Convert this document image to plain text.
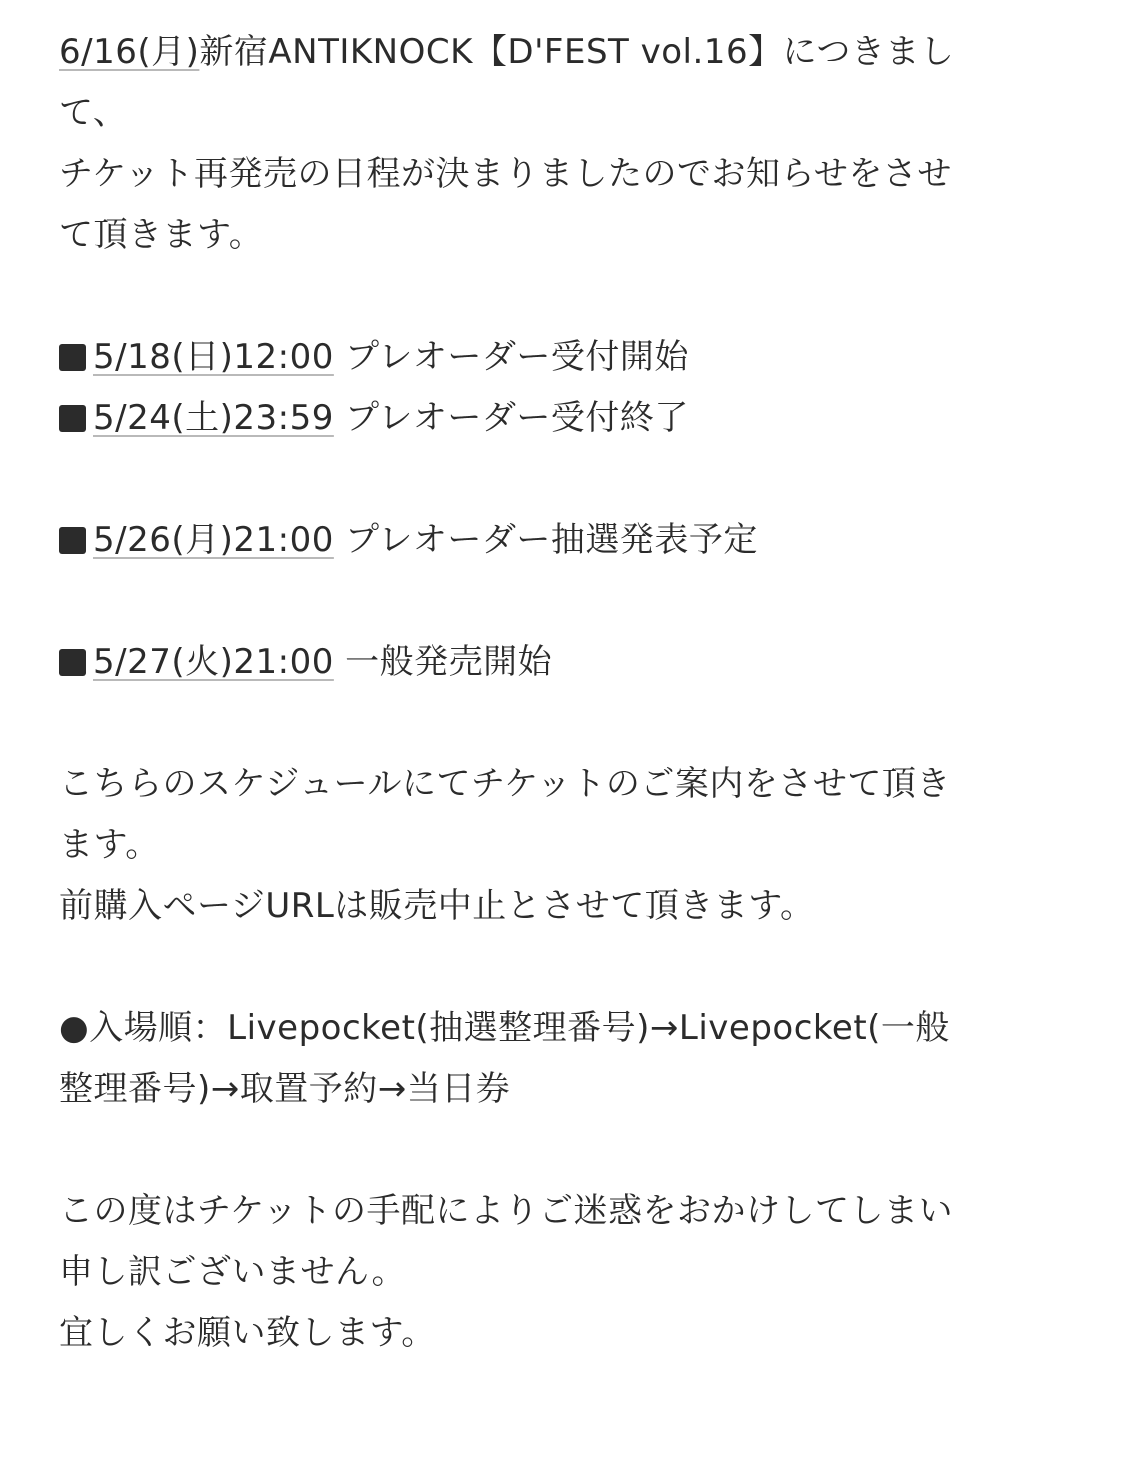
6/16(月)新宿ANTIKNOCK【D'FEST vol.16】につきまし
て、
チケット再発売の日程が決まりましたのでお知らせをさせ
て頂きます。
5/18(日)12:00 プレオーダー受付開始
5/24(土)23:59 プレオーダー受付終了
5/26(月)21:00 プレオーダー抽選発表予定
5/27(火)21:00 一般発売開始
こちらのスケジュールにてチケットのご案内をさせて頂き
ます。
前購入ページURLは販売中止とさせて頂きます。
●入場順：Livepocket(抽選整理番号)→Livepocket(一般
整理番号)→取置予約→当日券
この度はチケットの手配によりご迷惑をおかけしてしまい
申し訳ございません。
宜しくお願い致します。
